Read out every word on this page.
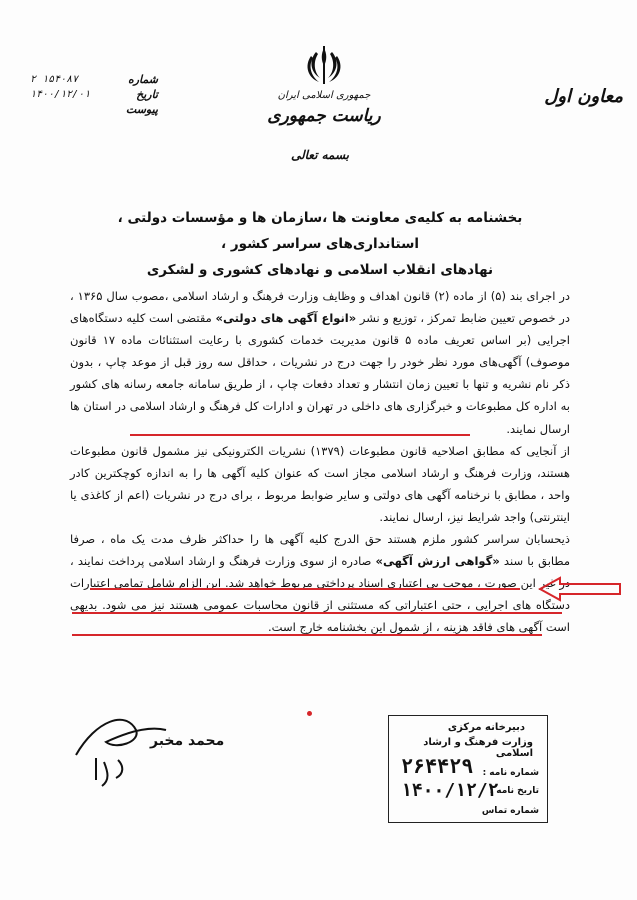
شماره
۱۵۴۰۸۷ ۲
تاریخ
۱۴۰۰/۱۲/۰۱
پیوست
جمهوری اسلامی ایران
ریاست جمهوری
معاون اول
بسمه تعالی
بخشنامه به کلیه‌ی معاونت ها ،سازمان ها و مؤسسات دولتی ، استانداری‌های سراسر کشور ،
نهادهای انقلاب اسلامی و نهادهای کشوری و لشکری

در اجرای بند (۵) از ماده (۲) قانون اهداف و وظایف وزارت فرهنگ و ارشاد اسلامی ،مصوب سال ۱۳۶۵ ، در خصوص تعیین ضابط تمرکز ، توزیع و نشر «انواع آگهی های دولتی» مقتضی است کلیه دستگاه‌های اجرایی (بر اساس تعریف ماده ۵ قانون مدیریت خدمات کشوری با رعایت استثنائات ماده ۱۷ قانون موصوف) آگهی‌های مورد نظر خودر را جهت درج در نشریات ، حداقل سه روز قبل از موعد چاپ ، بدون ذکر نام نشریه و تنها با تعیین زمان انتشار و تعداد دفعات چاپ ، از طریق سامانه جامعه رسانه های کشور به اداره کل مطبوعات و خبرگزاری های داخلی در تهران و ادارات کل فرهنگ و ارشاد اسلامی در استان ها ارسال نمایند.

از آنجایی که مطابق اصلاحیه قانون مطبوعات (۱۳۷۹) نشریات الکترونیکی نیز مشمول قانون مطبوعات هستند، وزارت فرهنگ و ارشاد اسلامی مجاز است که عنوان کلیه آگهی ها را به اندازه کوچکترین کادر واحد ، مطابق با نرخنامه آگهی های دولتی و سایر ضوابط مربوط ، برای درج در نشریات (اعم از کاغذی یا اینترنتی) واجد شرایط نیز، ارسال نمایند.

ذیحسابان سراسر کشور ملزم هستند حق الدرج کلیه آگهی ها را حداکثر ظرف مدت یک ماه ، صرفا مطابق با سند «گواهی ارزش آگهی» صادره از سوی وزارت فرهنگ و ارشاد اسلامی پرداخت نمایند ، در غیر این صورت ، موجب بی اعتباری اسناد پرداختی مربوط خواهد شد. این الزام شامل تمامی اعتبارات دستگاه های اجرایی ، حتی اعتباراتی که مستثنی از قانون محاسبات عمومی هستند نیز می شود. بدیهی است آگهی های فاقد هزینه ، از شمول این بخشنامه خارج است.

محمد مخبر
دبیرخانه مرکزی
وزارت فرهنگ و ارشاد اسلامی
شماره نامه :
۲۶۴۴۲۹
تاریخ نامه :
۱۴۰۰/۱۲/۲
شماره تماس
